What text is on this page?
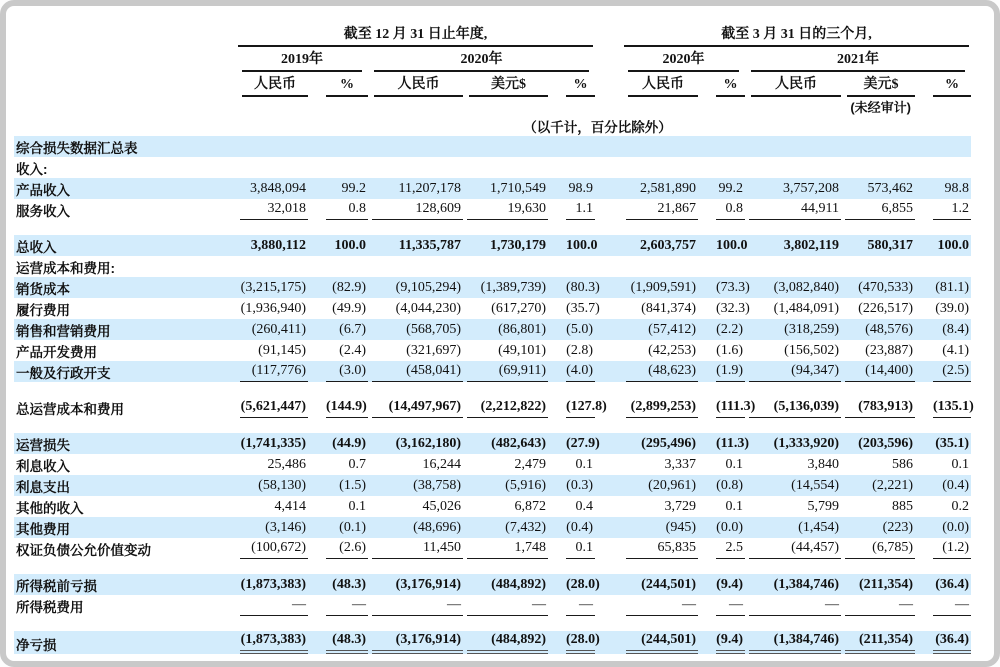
	截至 12 月 31 日止年度,						截至 3 月 31 日的三个月,				

	2019年		2020年				2020年		2021年		

	人民币	%	人民币	美元$	%		人民币	%	人民币	美元$	%

									(未经审计)		
（以千计，百分比除外）											
综合损失数据汇总表	

收入:	

产品收入	3,848,094	99.2	11,207,178	1,710,549	98.9		2,581,890	99.2	3,757,208	573,462	98.8

服务收入	32,018	0.8	128,609	19,630	1.1		21,867	0.8	44,911	6,855	1.2

总收入	3,880,112	100.0	11,335,787	1,730,179	100.0		2,603,757	100.0	3,802,119	580,317	100.0

运营成本和费用:	

销货成本	(3,215,175)	(82.9)	(9,105,294)	(1,389,739)	(80.3)		(1,909,591)	(73.3)	(3,082,840)	(470,533)	(81.1)

履行费用	(1,936,940)	(49.9)	(4,044,230)	(617,270)	(35.7)		(841,374)	(32.3)	(1,484,091)	(226,517)	(39.0)

销售和营销费用	(260,411)	(6.7)	(568,705)	(86,801)	(5.0)		(57,412)	(2.2)	(318,259)	(48,576)	(8.4)

产品开发费用	(91,145)	(2.4)	(321,697)	(49,101)	(2.8)		(42,253)	(1.6)	(156,502)	(23,887)	(4.1)

一般及行政开支	(117,776)	(3.0)	(458,041)	(69,911)	(4.0)		(48,623)	(1.9)	(94,347)	(14,400)	(2.5)

总运营成本和费用	(5,621,447)	(144.9)	(14,497,967)	(2,212,822)	(127.8)		(2,899,253)	(111.3)	(5,136,039)	(783,913)	(135.1)

运营损失	(1,741,335)	(44.9)	(3,162,180)	(482,643)	(27.9)		(295,496)	(11.3)	(1,333,920)	(203,596)	(35.1)

利息收入	25,486	0.7	16,244	2,479	0.1		3,337	0.1	3,840	586	0.1

利息支出	(58,130)	(1.5)	(38,758)	(5,916)	(0.3)		(20,961)	(0.8)	(14,554)	(2,221)	(0.4)

其他的收入	4,414	0.1	45,026	6,872	0.4		3,729	0.1	5,799	885	0.2

其他费用	(3,146)	(0.1)	(48,696)	(7,432)	(0.4)		(945)	(0.0)	(1,454)	(223)	(0.0)

权证负债公允价值变动	(100,672)	(2.6)	11,450	1,748	0.1		65,835	2.5	(44,457)	(6,785)	(1.2)

所得税前亏损	(1,873,383)	(48.3)	(3,176,914)	(484,892)	(28.0)		(244,501)	(9.4)	(1,384,746)	(211,354)	(36.4)

所得税费用	—	—	—	—	—		—	—	—	—	—

净亏损	(1,873,383)	(48.3)	(3,176,914)	(484,892)	(28.0)		(244,501)	(9.4)	(1,384,746)	(211,354)	(36.4)
